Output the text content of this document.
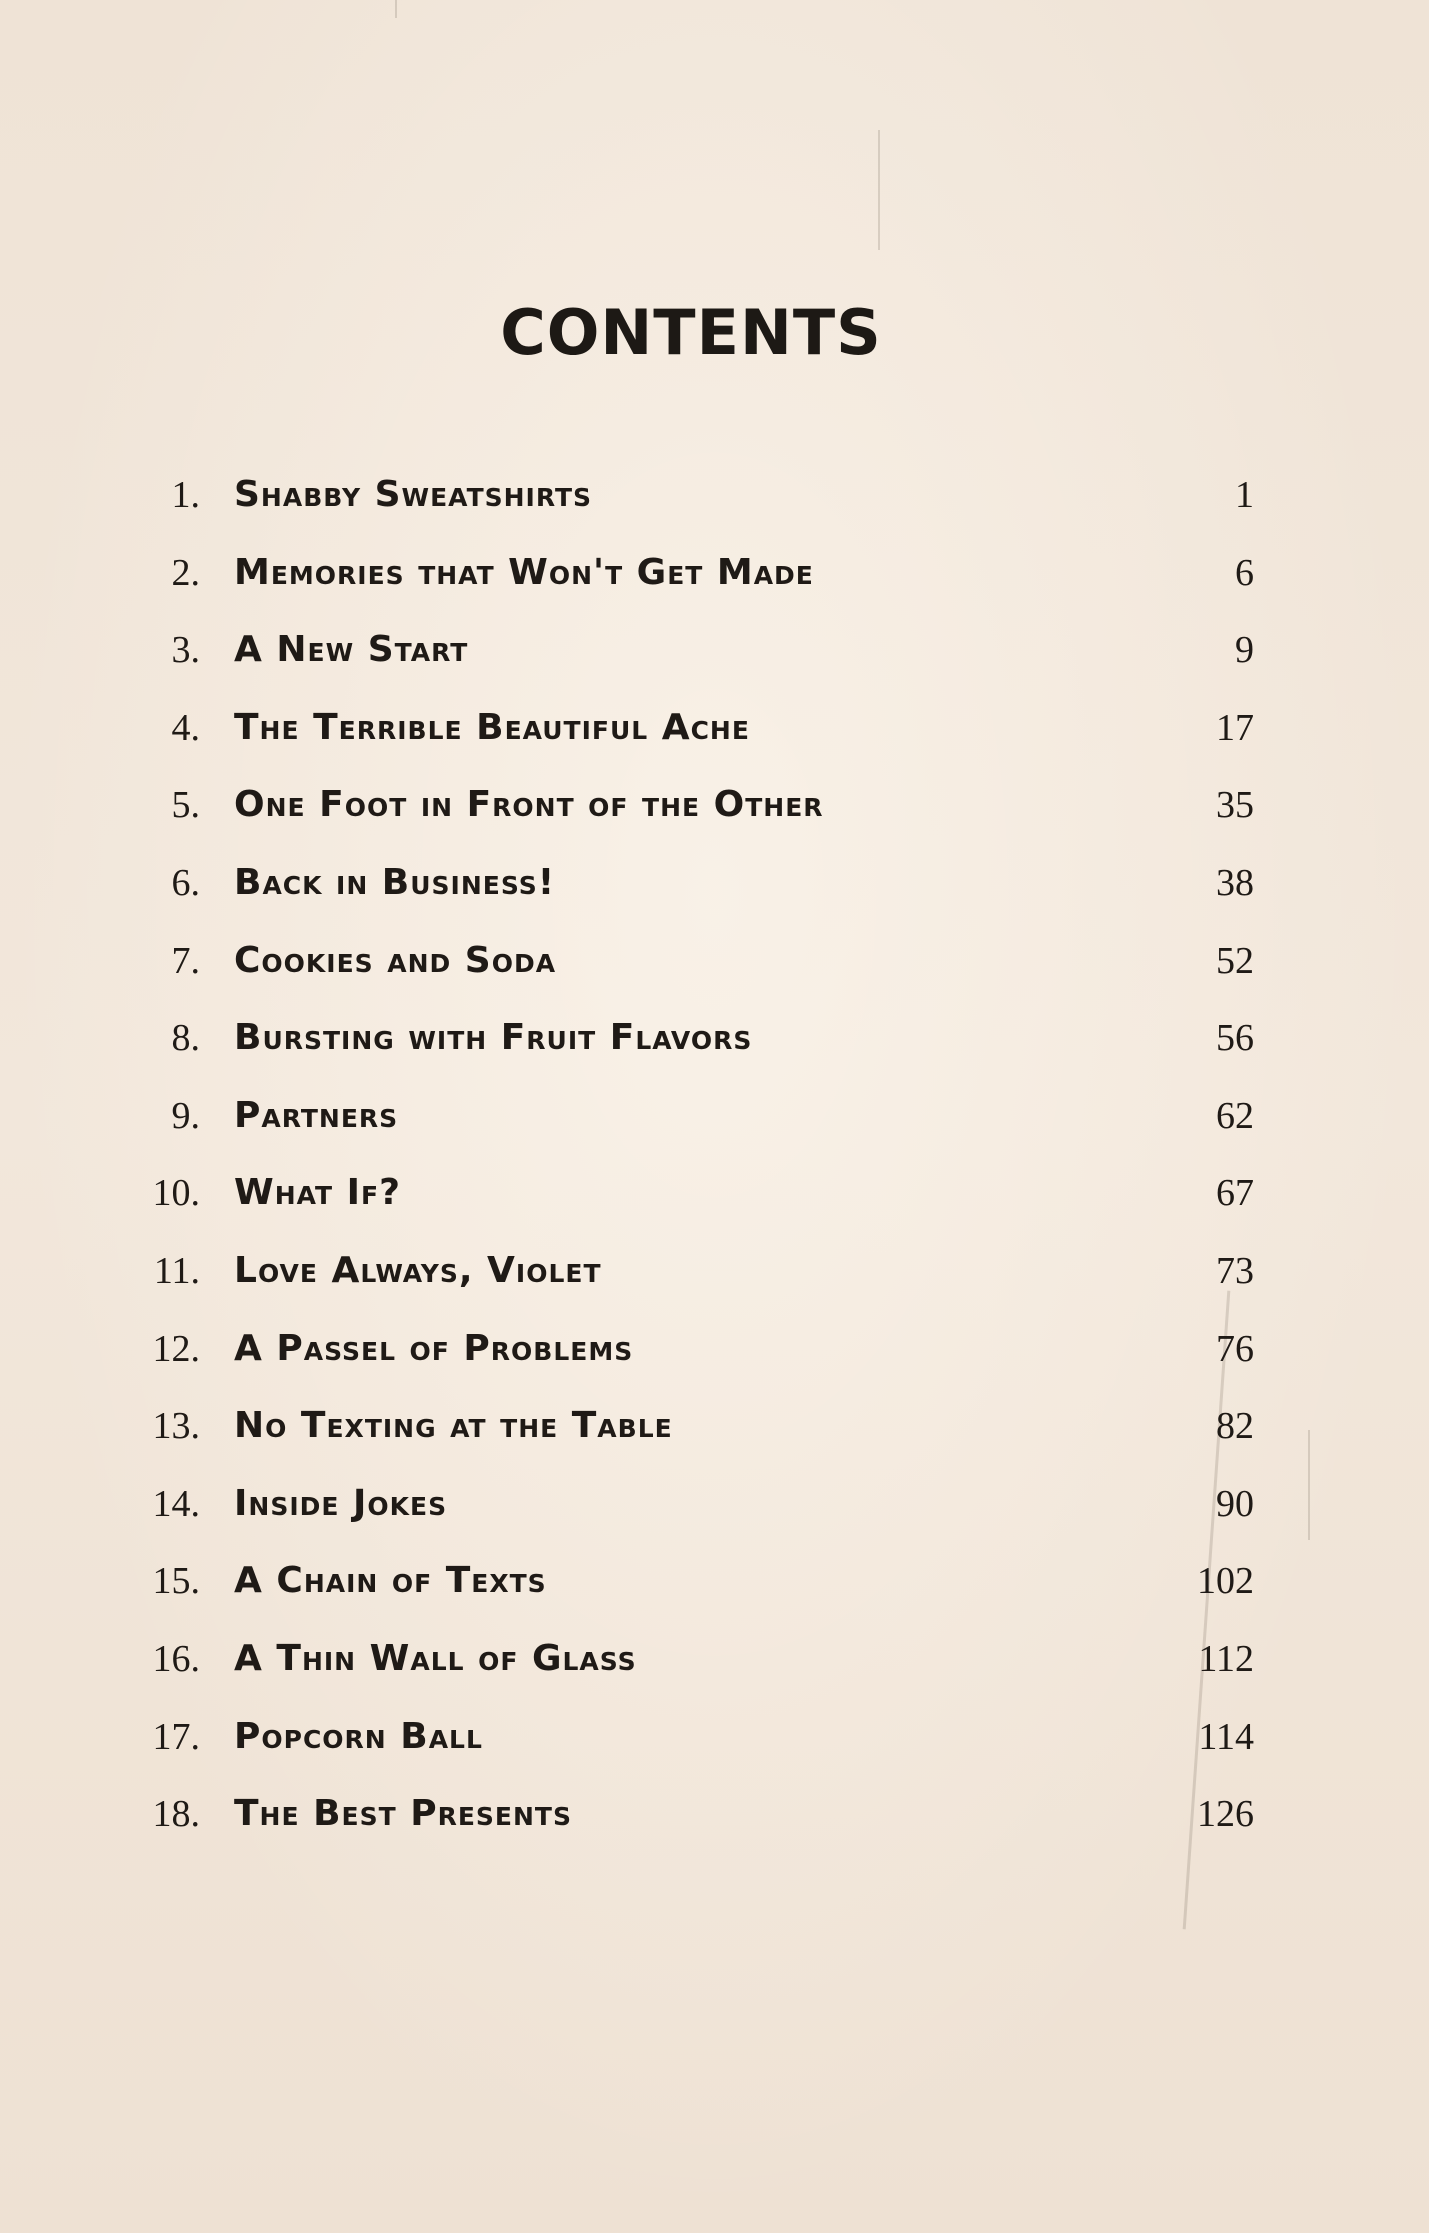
CONTENTS
1. Shabby Sweatshirts	1
2. Memories that Won't Get Made	6
3. A New Start	9
4. The Terrible Beautiful Ache	17
5. One Foot in Front of the Other	35
6. Back in Business!	38
7. Cookies and Soda	52
8. Bursting with Fruit Flavors	56
9. Partners	62
10. What If?	67
11. Love Always, Violet	73
12. A Passel of Problems	76
13. No Texting at the Table	82
14. Inside Jokes	90
15. A Chain of Texts	102
16. A Thin Wall of Glass	112
17. Popcorn Ball	114
18. The Best Presents	126
